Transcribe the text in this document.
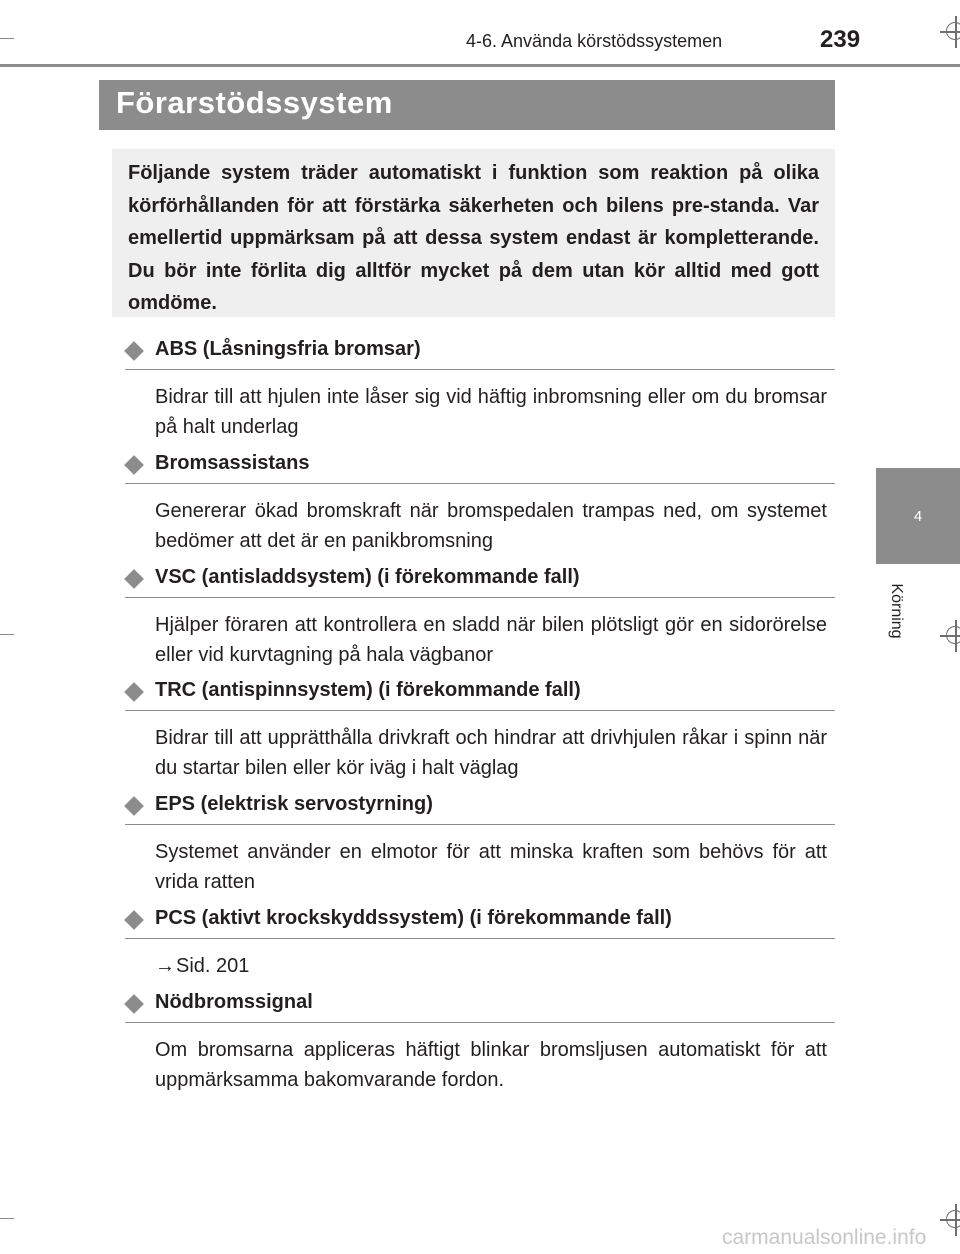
4-6. Använda körstödssystemen	239
4
Körning
Förarstödssystem

Följande system träder automatiskt i funktion som reaktion på olika körförhållanden för att förstärka säkerheten och bilens pre-standa. Var emellertid uppmärksam på att dessa system endast är kompletterande. Du bör inte förlita dig alltför mycket på dem utan kör alltid med gott omdöme.

ABS (Låsningsfria bromsar)
Bidrar till att hjulen inte låser sig vid häftig inbromsning eller om du bromsar på halt underlag
Bromsassistans
Genererar ökad bromskraft när bromspedalen trampas ned, om systemet bedömer att det är en panikbromsning
VSC (antisladdsystem) (i förekommande fall)
Hjälper föraren att kontrollera en sladd när bilen plötsligt gör en sidorörelse eller vid kurvtagning på hala vägbanor
TRC (antispinnsystem) (i förekommande fall)
Bidrar till att upprätthålla drivkraft och hindrar att drivhjulen råkar i spinn när du startar bilen eller kör iväg i halt väglag
EPS (elektrisk servostyrning)
Systemet använder en elmotor för att minska kraften som behövs för att vrida ratten
PCS (aktivt krockskyddssystem) (i förekommande fall)
→Sid. 201
Nödbromssignal
Om bromsarna appliceras häftigt blinkar bromsljusen automatiskt för att uppmärksamma bakomvarande fordon.
carmanualsonline.info
